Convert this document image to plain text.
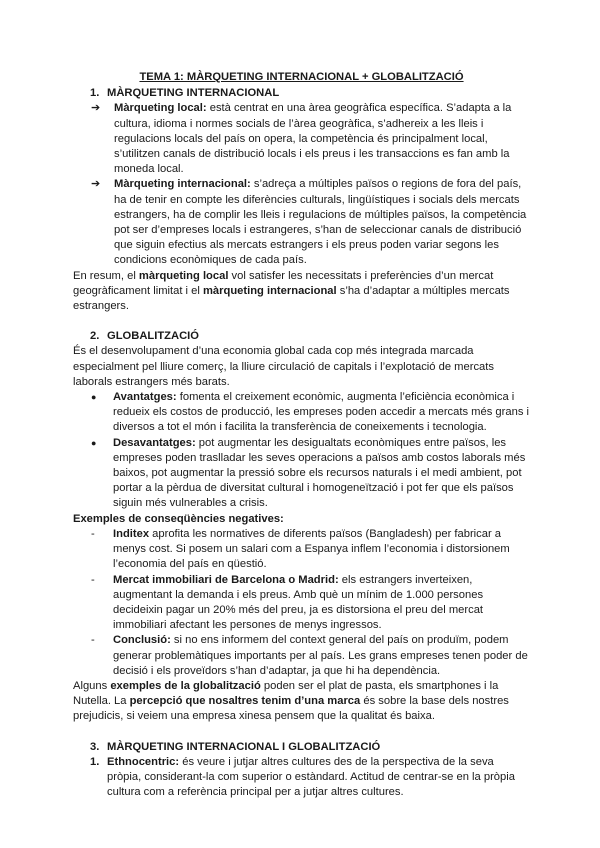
TEMA 1: MÀRQUETING INTERNACIONAL + GLOBALITZACIÓ
1. MÀRQUETING INTERNACIONAL
➔	Màrqueting local: està centrat en una àrea geogràfica específica. S’adapta a la cultura, idioma i normes socials de l’àrea geogràfica, s’adhereix a les lleis i regulacions locals del país on opera, la competència és principalment local, s’utilitzen canals de distribució locals i els preus i les transaccions es fan amb la moneda local.
➔	Màrqueting internacional: s’adreça a múltiples països o regions de fora del país, ha de tenir en compte les diferències culturals, lingüístiques i socials dels mercats estrangers, ha de complir les lleis i regulacions de múltiples països, la competència pot ser d’empreses locals i estrangeres, s’han de seleccionar canals de distribució que siguin efectius als mercats estrangers i els preus poden variar segons les condicions econòmiques de cada país.

En resum, el màrqueting local vol satisfer les necessitats i preferències d’un mercat geogràficament limitat i el màrqueting internacional s’ha d’adaptar a múltiples mercats estrangers.

2. GLOBALITZACIÓ

És el desenvolupament d’una economia global cada cop més integrada marcada especialment pel lliure comerç, la lliure circulació de capitals i l’explotació de mercats laborals estrangers més barats.

●	Avantatges: fomenta el creixement econòmic, augmenta l’eficiència econòmica i redueix els costos de producció, les empreses poden accedir a mercats més grans i diversos a tot el món i facilita la transferència de coneixements i tecnologia.
●	Desavantatges: pot augmentar les desigualtats econòmiques entre països, les empreses poden traslladar les seves operacions a països amb costos laborals més baixos, pot augmentar la pressió sobre els recursos naturals i el medi ambient, pot portar a la pèrdua de diversitat cultural i homogeneïtzació i pot fer que els països siguin més vulnerables a crisis.

Exemples de conseqüències negatives:

-	Inditex aprofita les normatives de diferents països (Bangladesh) per fabricar a menys cost. Si posem un salari com a Espanya inflem l’economia i distorsionem l’economia del país en qüestió.
-	Mercat immobiliari de Barcelona o Madrid: els estrangers inverteixen, augmentant la demanda i els preus. Amb què un mínim de 1.000 persones decideixin pagar un 20% més del preu, ja es distorsiona el preu del mercat immobiliari afectant les persones de menys ingressos.
-	Conclusió: si no ens informem del context general del país on produïm, podem generar problemàtiques importants per al país. Les grans empreses tenen poder de decisió i els proveïdors s’han d’adaptar, ja que hi ha dependència.

Alguns exemples de la globalització poden ser el plat de pasta, els smartphones i la Nutella. La percepció que nosaltres tenim d’una marca és sobre la base dels nostres prejudicis, si veiem una empresa xinesa pensem que la qualitat és baixa.

3. MÀRQUETING INTERNACIONAL I GLOBALITZACIÓ
1. Ethnocentric: és veure i jutjar altres cultures des de la perspectiva de la seva pròpia, considerant-la com superior o estàndard. Actitud de centrar-se en la pròpia cultura com a referència principal per a jutjar altres cultures.
